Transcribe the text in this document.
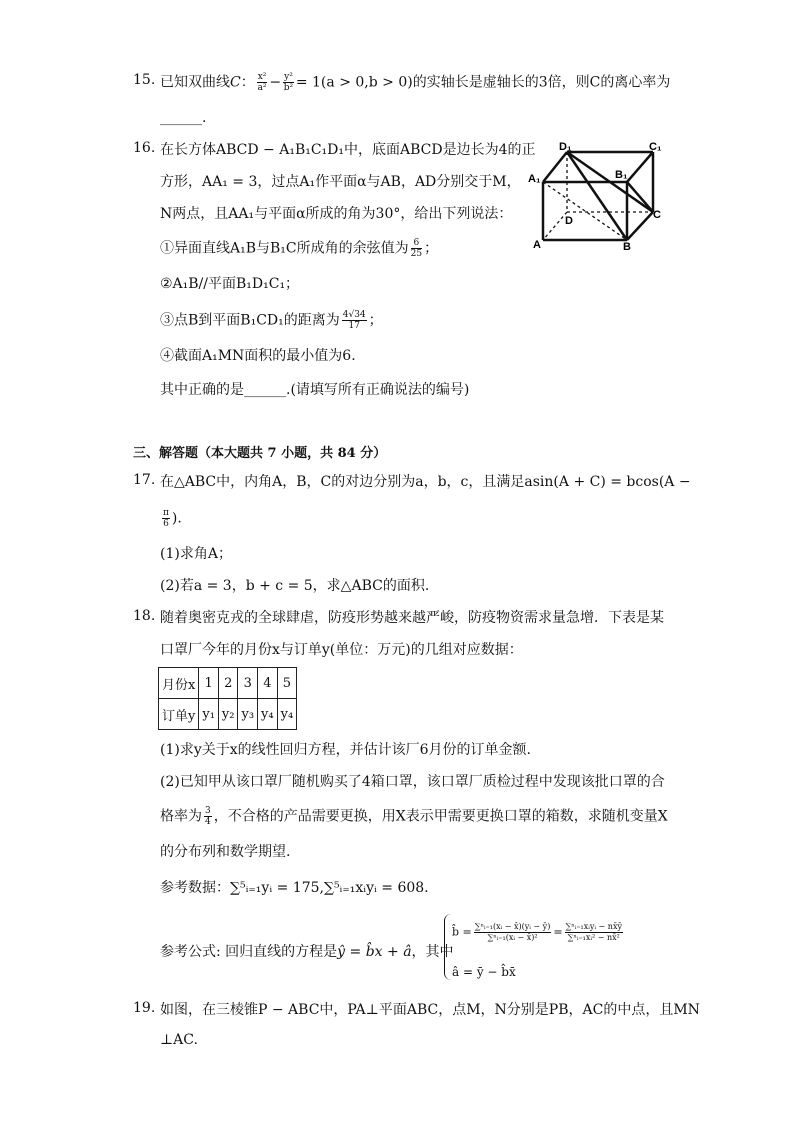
15. 已知双曲线C： $\frac{\text{x²}}{\text{a²}} - \frac{\text{y²}}{\text{b²}} = 1(a > 0,b > 0)$的实轴长是虚轴长的3倍，则C的离心率为
______.
16. 在长方体ABCD − A₁B₁C₁D₁中，底面ABCD是边长为4的正
方形，AA₁ = 3，过点A₁作平面α与AB，AD分别交于M，
N两点，且AA₁与平面α所成的角为30°，给出下列说法：
①异面直线A₁B与B₁C所成角的余弦值为 $\frac{6}{25}$ ；
②A₁B//平面B₁D₁C₁；
③点B到平面B₁CD₁的距离为 $\frac{4√34}{17}$ ；
④截面A₁MN面积的最小值为6.
其中正确的是______.(请填写所有正确说法的编号)
D₁	C₁
A₁	B₁
D	C
A	B
三、解答题（本大题共 7 小题，共 84 分）
17. 在△ABC中，内角A，B，C的对边分别为a，b，c，且满足asin(A + C) = bcos(A −
$\frac{\pi}{6}$ ).
(1)求角A；
(2)若a = 3，b + c = 5，求△ABC的面积.
18. 随着奥密克戎的全球肆虐，防疫形势越来越严峻，防疫物资需求量急增．下表是某
口罩厂今年的月份x与订单y(单位：万元)的几组对应数据：
月份x	1	2	3	4	5
订单y	y₁	y₂	y₃	y₄	y₄
(1)求y关于x的线性回归方程，并估计该厂6月份的订单金额.
(2)已知甲从该口罩厂随机购买了4箱口罩，该口罩厂质检过程中发现该批口罩的合
格率为 $\frac{3}{4}$ ，不合格的产品需要更换，用X表示甲需要更换口罩的箱数，求随机变量X
的分布列和数学期望.
参考数据：∑⁵ᵢ₌₁yᵢ = 175,∑⁵ᵢ₌₁xᵢyᵢ = 608.
参考公式: 回归直线的方程是ŷ = b̂x + â，其中
b̂ = $\frac{\text{∑ⁿᵢ₌₁(xᵢ − x̄)(yᵢ − ȳ)}}{\text{∑ⁿᵢ₌₁(xᵢ − x̄)²}} = \frac{\text{∑ⁿᵢ₌₁xᵢyᵢ − nx̄ȳ}}{\text{∑ⁿᵢ₌₁xᵢ² − nx̄²}}$
â = ȳ − b̂x̄
19. 如图，在三棱锥P − ABC中，PA⊥平面ABC，点M，N分别是PB，AC的中点，且MN
⊥AC.
